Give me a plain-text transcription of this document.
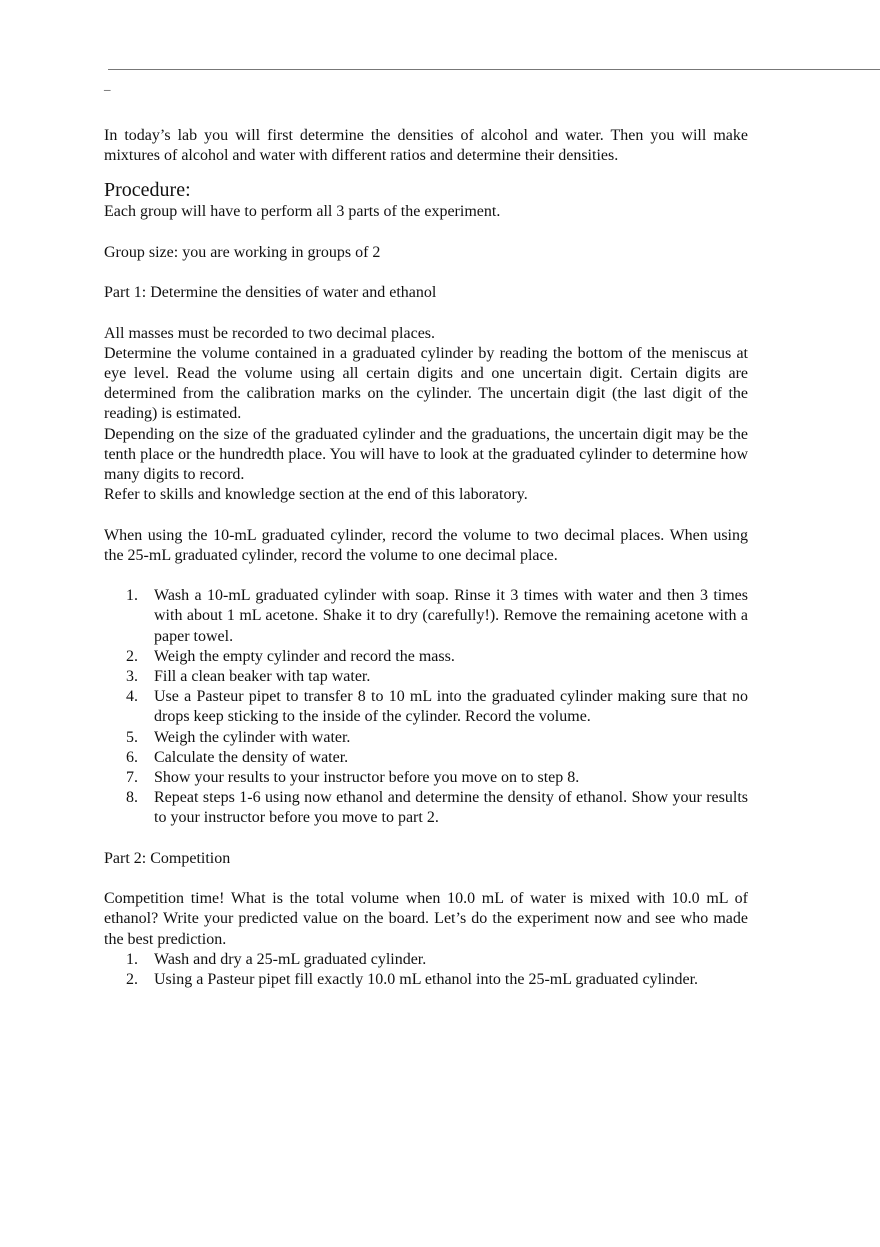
_

In today’s lab you will first determine the densities of alcohol and water. Then you will make mixtures of alcohol and water with different ratios and determine their densities.

Procedure:

Each group will have to perform all 3 parts of the experiment.

Group size: you are working in groups of 2

Part 1: Determine the densities of water and ethanol

All masses must be recorded to two decimal places.

Determine the volume contained in a graduated cylinder by reading the bottom of the meniscus at eye level. Read the volume using all certain digits and one uncertain digit. Certain digits are determined from the calibration marks on the cylinder. The uncertain digit (the last digit of the reading) is estimated.

Depending on the size of the graduated cylinder and the graduations, the uncertain digit may be the tenth place or the hundredth place. You will have to look at the graduated cylinder to determine how many digits to record.

Refer to skills and knowledge section at the end of this laboratory.

When using the 10-mL graduated cylinder, record the volume to two decimal places. When using the 25-mL graduated cylinder, record the volume to one decimal place.

1.	Wash a 10-mL graduated cylinder with soap. Rinse it 3 times with water and then 3 times with about 1 mL acetone. Shake it to dry (carefully!). Remove the remaining acetone with a paper towel.
2.	Weigh the empty cylinder and record the mass.
3.	Fill a clean beaker with tap water.
4.	Use a Pasteur pipet to transfer 8 to 10 mL into the graduated cylinder making sure that no drops keep sticking to the inside of the cylinder. Record the volume.
5.	Weigh the cylinder with water.
6.	Calculate the density of water.
7.	Show your results to your instructor before you move on to step 8.
8.	Repeat steps 1-6 using now ethanol and determine the density of ethanol. Show your results to your instructor before you move to part 2.

Part 2: Competition

Competition time! What is the total volume when 10.0 mL of water is mixed with 10.0 mL of ethanol? Write your predicted value on the board. Let’s do the experiment now and see who made the best prediction.

1.	Wash and dry a 25-mL graduated cylinder.
2.	Using a Pasteur pipet fill exactly 10.0 mL ethanol into the 25-mL graduated cylinder.
